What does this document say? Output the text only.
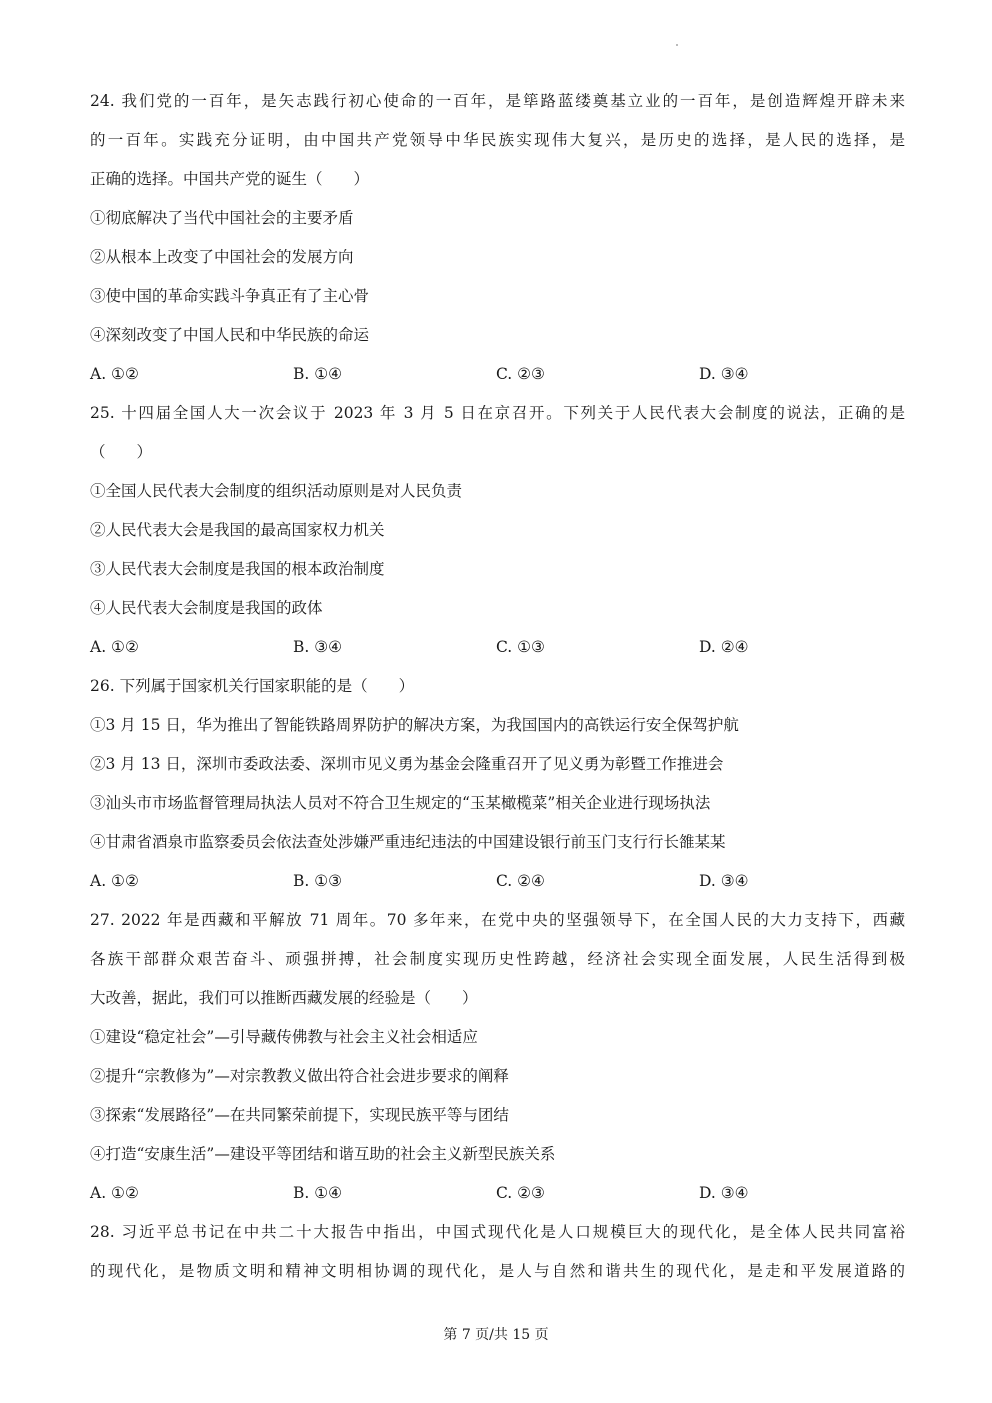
24. 我们党的一百年，是矢志践行初心使命的一百年，是筚路蓝缕奠基立业的一百年，是创造辉煌开辟未来
的一百年。实践充分证明，由中国共产党领导中华民族实现伟大复兴，是历史的选择，是人民的选择，是
正确的选择。中国共产党的诞生（　　）
①彻底解决了当代中国社会的主要矛盾
②从根本上改变了中国社会的发展方向
③使中国的革命实践斗争真正有了主心骨
④深刻改变了中国人民和中华民族的命运
A. ①②	B. ①④	C. ②③	D. ③④
25. 十四届全国人大一次会议于 2023 年 3 月 5 日在京召开。下列关于人民代表大会制度的说法，正确的是
（　　）
①全国人民代表大会制度的组织活动原则是对人民负责
②人民代表大会是我国的最高国家权力机关
③人民代表大会制度是我国的根本政治制度
④人民代表大会制度是我国的政体
A. ①②	B. ③④	C. ①③	D. ②④
26. 下列属于国家机关行国家职能的是（　　）
①3 月 15 日，华为推出了智能铁路周界防护的解决方案，为我国国内的高铁运行安全保驾护航
②3 月 13 日，深圳市委政法委、深圳市见义勇为基金会隆重召开了见义勇为彰暨工作推进会
③汕头市市场监督管理局执法人员对不符合卫生规定的“玉某橄榄菜”相关企业进行现场执法
④甘肃省酒泉市监察委员会依法查处涉嫌严重违纪违法的中国建设银行前玉门支行行长雒某某
A. ①②	B. ①③	C. ②④	D. ③④
27. 2022 年是西藏和平解放 71 周年。70 多年来，在党中央的坚强领导下，在全国人民的大力支持下，西藏
各族干部群众艰苦奋斗、顽强拼搏，社会制度实现历史性跨越，经济社会实现全面发展，人民生活得到极
大改善，据此，我们可以推断西藏发展的经验是（　　）
①建设“稳定社会”—引导藏传佛教与社会主义社会相适应
②提升“宗教修为”—对宗教教义做出符合社会进步要求的阐释
③探索“发展路径”—在共同繁荣前提下，实现民族平等与团结
④打造“安康生活”—建设平等团结和谐互助的社会主义新型民族关系
A. ①②	B. ①④	C. ②③	D. ③④
28. 习近平总书记在中共二十大报告中指出，中国式现代化是人口规模巨大的现代化，是全体人民共同富裕
的现代化，是物质文明和精神文明相协调的现代化，是人与自然和谐共生的现代化，是走和平发展道路的
第 7 页/共 15 页
